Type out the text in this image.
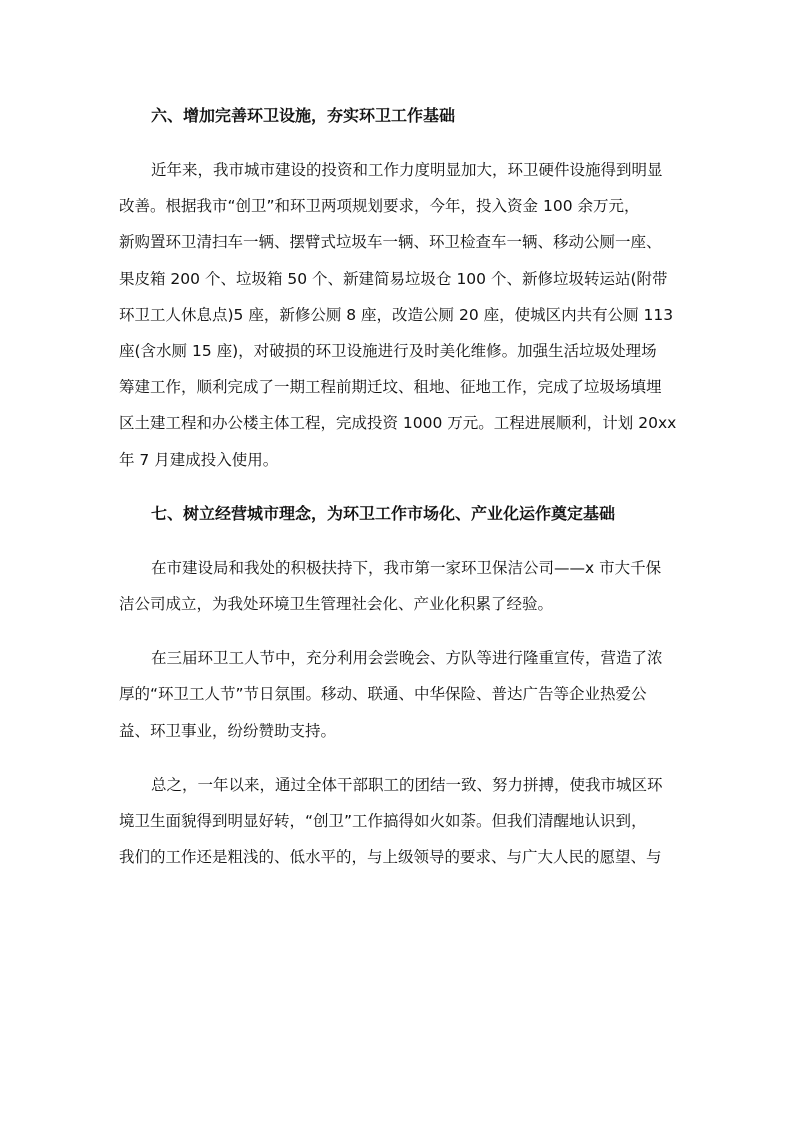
六、增加完善环卫设施，夯实环卫工作基础

近年来，我市城市建设的投资和工作力度明显加大，环卫硬件设施得到明显
改善。根据我市“创卫”和环卫两项规划要求，今年，投入资金 100 余万元，
新购置环卫清扫车一辆、摆臂式垃圾车一辆、环卫检查车一辆、移动公厕一座、
果皮箱 200 个、垃圾箱 50 个、新建简易垃圾仓 100 个、新修垃圾转运站(附带
环卫工人休息点)5 座，新修公厕 8 座，改造公厕 20 座，使城区内共有公厕 113
座(含水厕 15 座)，对破损的环卫设施进行及时美化维修。加强生活垃圾处理场
筹建工作，顺利完成了一期工程前期迁坟、租地、征地工作，完成了垃圾场填埋
区土建工程和办公楼主体工程，完成投资 1000 万元。工程进展顺利，计划 20xx
年 7 月建成投入使用。

七、树立经营城市理念，为环卫工作市场化、产业化运作奠定基础

在市建设局和我处的积极扶持下，我市第一家环卫保洁公司——x 市大千保
洁公司成立，为我处环境卫生管理社会化、产业化积累了经验。

在三届环卫工人节中，充分利用会尝晚会、方队等进行隆重宣传，营造了浓
厚的“环卫工人节”节日氛围。移动、联通、中华保险、普达广告等企业热爱公
益、环卫事业，纷纷赞助支持。

总之，一年以来，通过全体干部职工的团结一致、努力拼搏，使我市城区环
境卫生面貌得到明显好转，“创卫”工作搞得如火如荼。但我们清醒地认识到，
我们的工作还是粗浅的、低水平的，与上级领导的要求、与广大人民的愿望、与
